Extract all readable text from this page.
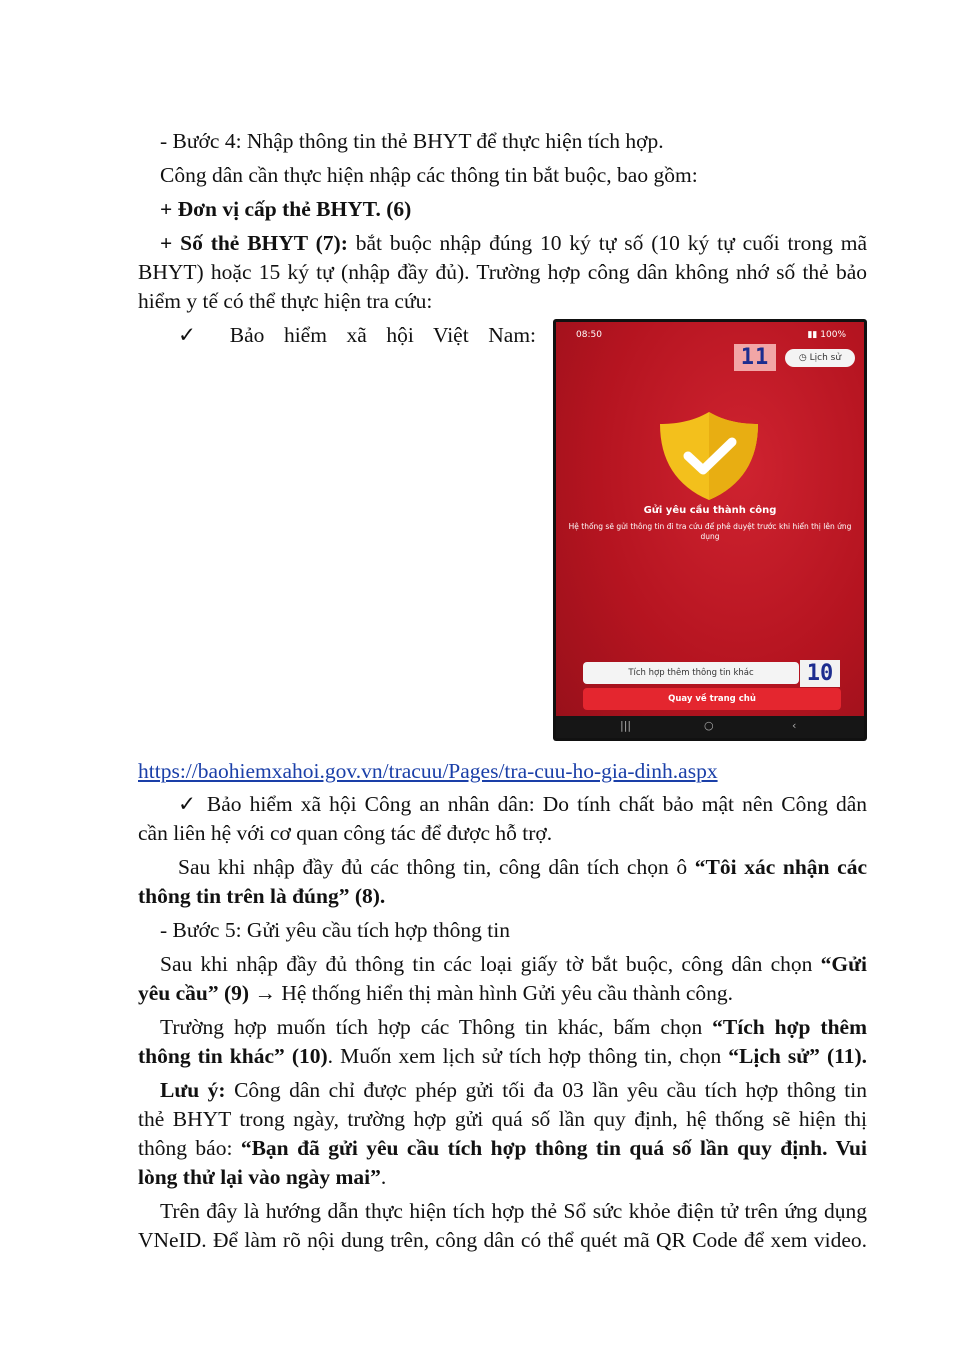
- Bước 4: Nhập thông tin thẻ BHYT để thực hiện tích hợp.

Công dân cần thực hiện nhập các thông tin bắt buộc, bao gồm:

+ Đơn vị cấp thẻ BHYT. (6)

+ Số thẻ BHYT (7): bắt buộc nhập đúng 10 ký tự số (10 ký tự cuối trong mã

BHYT) hoặc 15 ký tự (nhập đầy đủ). Trường hợp công dân không nhớ số thẻ bảo

hiểm y tế có thể thực hiện tra cứu:

✓ Bảo hiểm xã hội Việt Nam:	08:50	▮▮ 100%
11	◷ Lịch sử
Gửi yêu cầu thành công
Hệ thống sẽ gửi thông tin đi tra cứu để phê duyệt trước khi hiển thị lên ứng dụng
Tích hợp thêm thông tin khác	10
Quay về trang chủ
|||	○	‹

https://baohiemxahoi.gov.vn/tracuu/Pages/tra-cuu-ho-gia-dinh.aspx

✓ Bảo hiểm xã hội Công an nhân dân: Do tính chất bảo mật nên Công dân

cần liên hệ với cơ quan công tác để được hỗ trợ.

Sau khi nhập đầy đủ các thông tin, công dân tích chọn ô “Tôi xác nhận các

thông tin trên là đúng” (8).

- Bước 5: Gửi yêu cầu tích hợp thông tin

Sau khi nhập đầy đủ thông tin các loại giấy tờ bắt buộc, công dân chọn “Gửi

yêu cầu” (9) → Hệ thống hiển thị màn hình Gửi yêu cầu thành công.

Trường hợp muốn tích hợp các Thông tin khác, bấm chọn “Tích hợp thêm

thông tin khác” (10). Muốn xem lịch sử tích hợp thông tin, chọn “Lịch sử” (11).

Lưu ý: Công dân chỉ được phép gửi tối đa 03 lần yêu cầu tích hợp thông tin

thẻ BHYT trong ngày, trường hợp gửi quá số lần quy định, hệ thống sẽ hiện thị

thông báo: “Bạn đã gửi yêu cầu tích hợp thông tin quá số lần quy định. Vui

lòng thử lại vào ngày mai”.

Trên đây là hướng dẫn thực hiện tích hợp thẻ Sổ sức khỏe điện tử trên ứng dụng

VNeID. Để làm rõ nội dung trên, công dân có thể quét mã QR Code để xem video.
